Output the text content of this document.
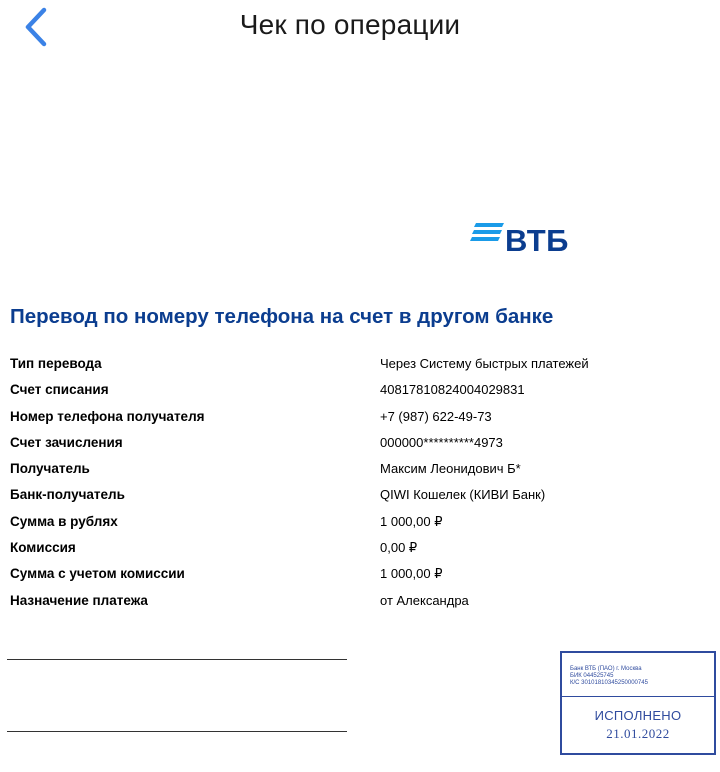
Чек по операции
ВТБ
Перевод по номеру телефона на счет в другом банке
Тип перевода	Через Систему быстрых платежей
Счет списания	40817810824004029831
Номер телефона получателя	+7 (987) 622-49-73
Счет зачисления	000000**********4973
Получатель	Максим Леонидович Б*
Банк-получатель	QIWI Кошелек (КИВИ Банк)
Сумма в рублях	1 000,00 ₽
Комиссия	0,00 ₽
Сумма с учетом комиссии	1 000,00 ₽
Назначение платежа	от Александра
Банк ВТБ (ПАО) г. Москва
БИК 044525745
К/С 30101810345250000745
ИСПОЛНЕНО
21.01.2022
